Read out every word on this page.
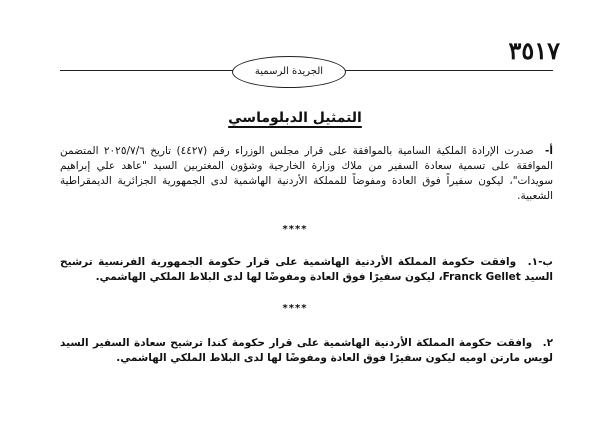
٣٥١٧
الجريدة الرسمية
التمثيل الدبلوماسي
أ- صدرت الإرادة الملكية السامية بالموافقة على قرار مجلس الوزراء رقم (٤٤٢٧) تاريخ ٢٠٢٥/٧/٦ المتضمن الموافقة على تسمية سعادة السفير من ملاك وزارة الخارجية وشؤون المغتربين السيد "عاهد علي إبراهيم سويدات"، ليكون سفيراً فوق العادة ومفوضاً للمملكة الأردنية الهاشمية لدى الجمهورية الجزائرية الديمقراطية الشعبية.
****
ب-١. وافقت حكومة المملكة الأردنية الهاشمية على قرار حكومة الجمهورية الفرنسية ترشيح السيد Franck Gellet، ليكون سفيرًا فوق العادة ومفوضًا لها لدى البلاط الملكي الهاشمي.
****
٢. وافقت حكومة المملكة الأردنية الهاشمية على قرار حكومة كندا ترشيح سعادة السفير السيد لويس مارتن اوميه ليكون سفيرًا فوق العادة ومفوضًا لها لدى البلاط الملكي الهاشمي.
